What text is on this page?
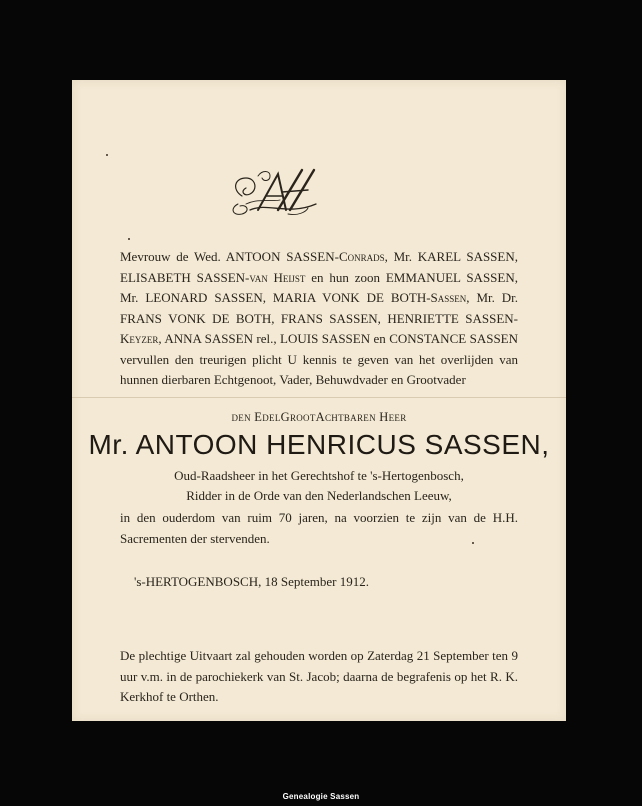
Mevrouw de Wed. ANTOON SASSEN-Conrads, Mr. KAREL SASSEN, ELISABETH SASSEN-van Heijst en hun zoon EMMANUEL SASSEN, Mr. LEONARD SASSEN, MARIA VONK DE BOTH-Sassen, Mr. Dr. FRANS VONK DE BOTH, FRANS SASSEN, HENRIETTE SASSEN-Keyzer, ANNA SASSEN rel., LOUIS SASSEN en CONSTANCE SASSEN vervullen den treurigen plicht U kennis te geven van het overlijden van hunnen dierbaren Echtgenoot, Vader, Behuwdvader en Grootvader
den EdelGrootAchtbaren Heer
Mr. ANTOON HENRICUS SASSEN,
Oud-Raadsheer in het Gerechtshof te 's-Hertogenbosch,
Ridder in de Orde van den Nederlandschen Leeuw,
in den ouderdom van ruim 70 jaren, na voorzien te zijn van de H.H. Sacrementen der stervenden.
's-HERTOGENBOSCH, 18 September 1912.
De plechtige Uitvaart zal gehouden worden op Zaterdag 21 September ten 9 uur v.m. in de parochiekerk van St. Jacob; daarna de begrafenis op het R. K. Kerkhof te Orthen.
Genealogie Sassen
